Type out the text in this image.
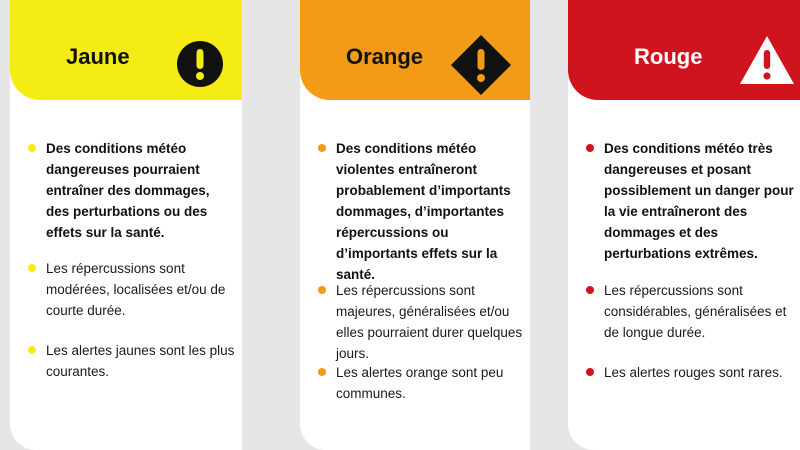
Jaune
Des conditions météo dangereuses pourraient entraîner des dommages, des perturbations ou des effets sur la santé.
Les répercussions sont modérées, localisées et/ou de courte durée.
Les alertes jaunes sont les plus courantes.
Orange
Des conditions météo violentes entraîneront probablement d’importants dommages, d’importantes répercussions ou d’importants effets sur la santé.
Les répercussions sont majeures, généralisées et/ou elles pourraient durer quelques jours.
Les alertes orange sont peu communes.
Rouge
Des conditions météo très dangereuses et posant possiblement un danger pour la vie entraîneront des dommages et des perturbations extrêmes.
Les répercussions sont considérables, généralisées et de longue durée.
Les alertes rouges sont rares.
